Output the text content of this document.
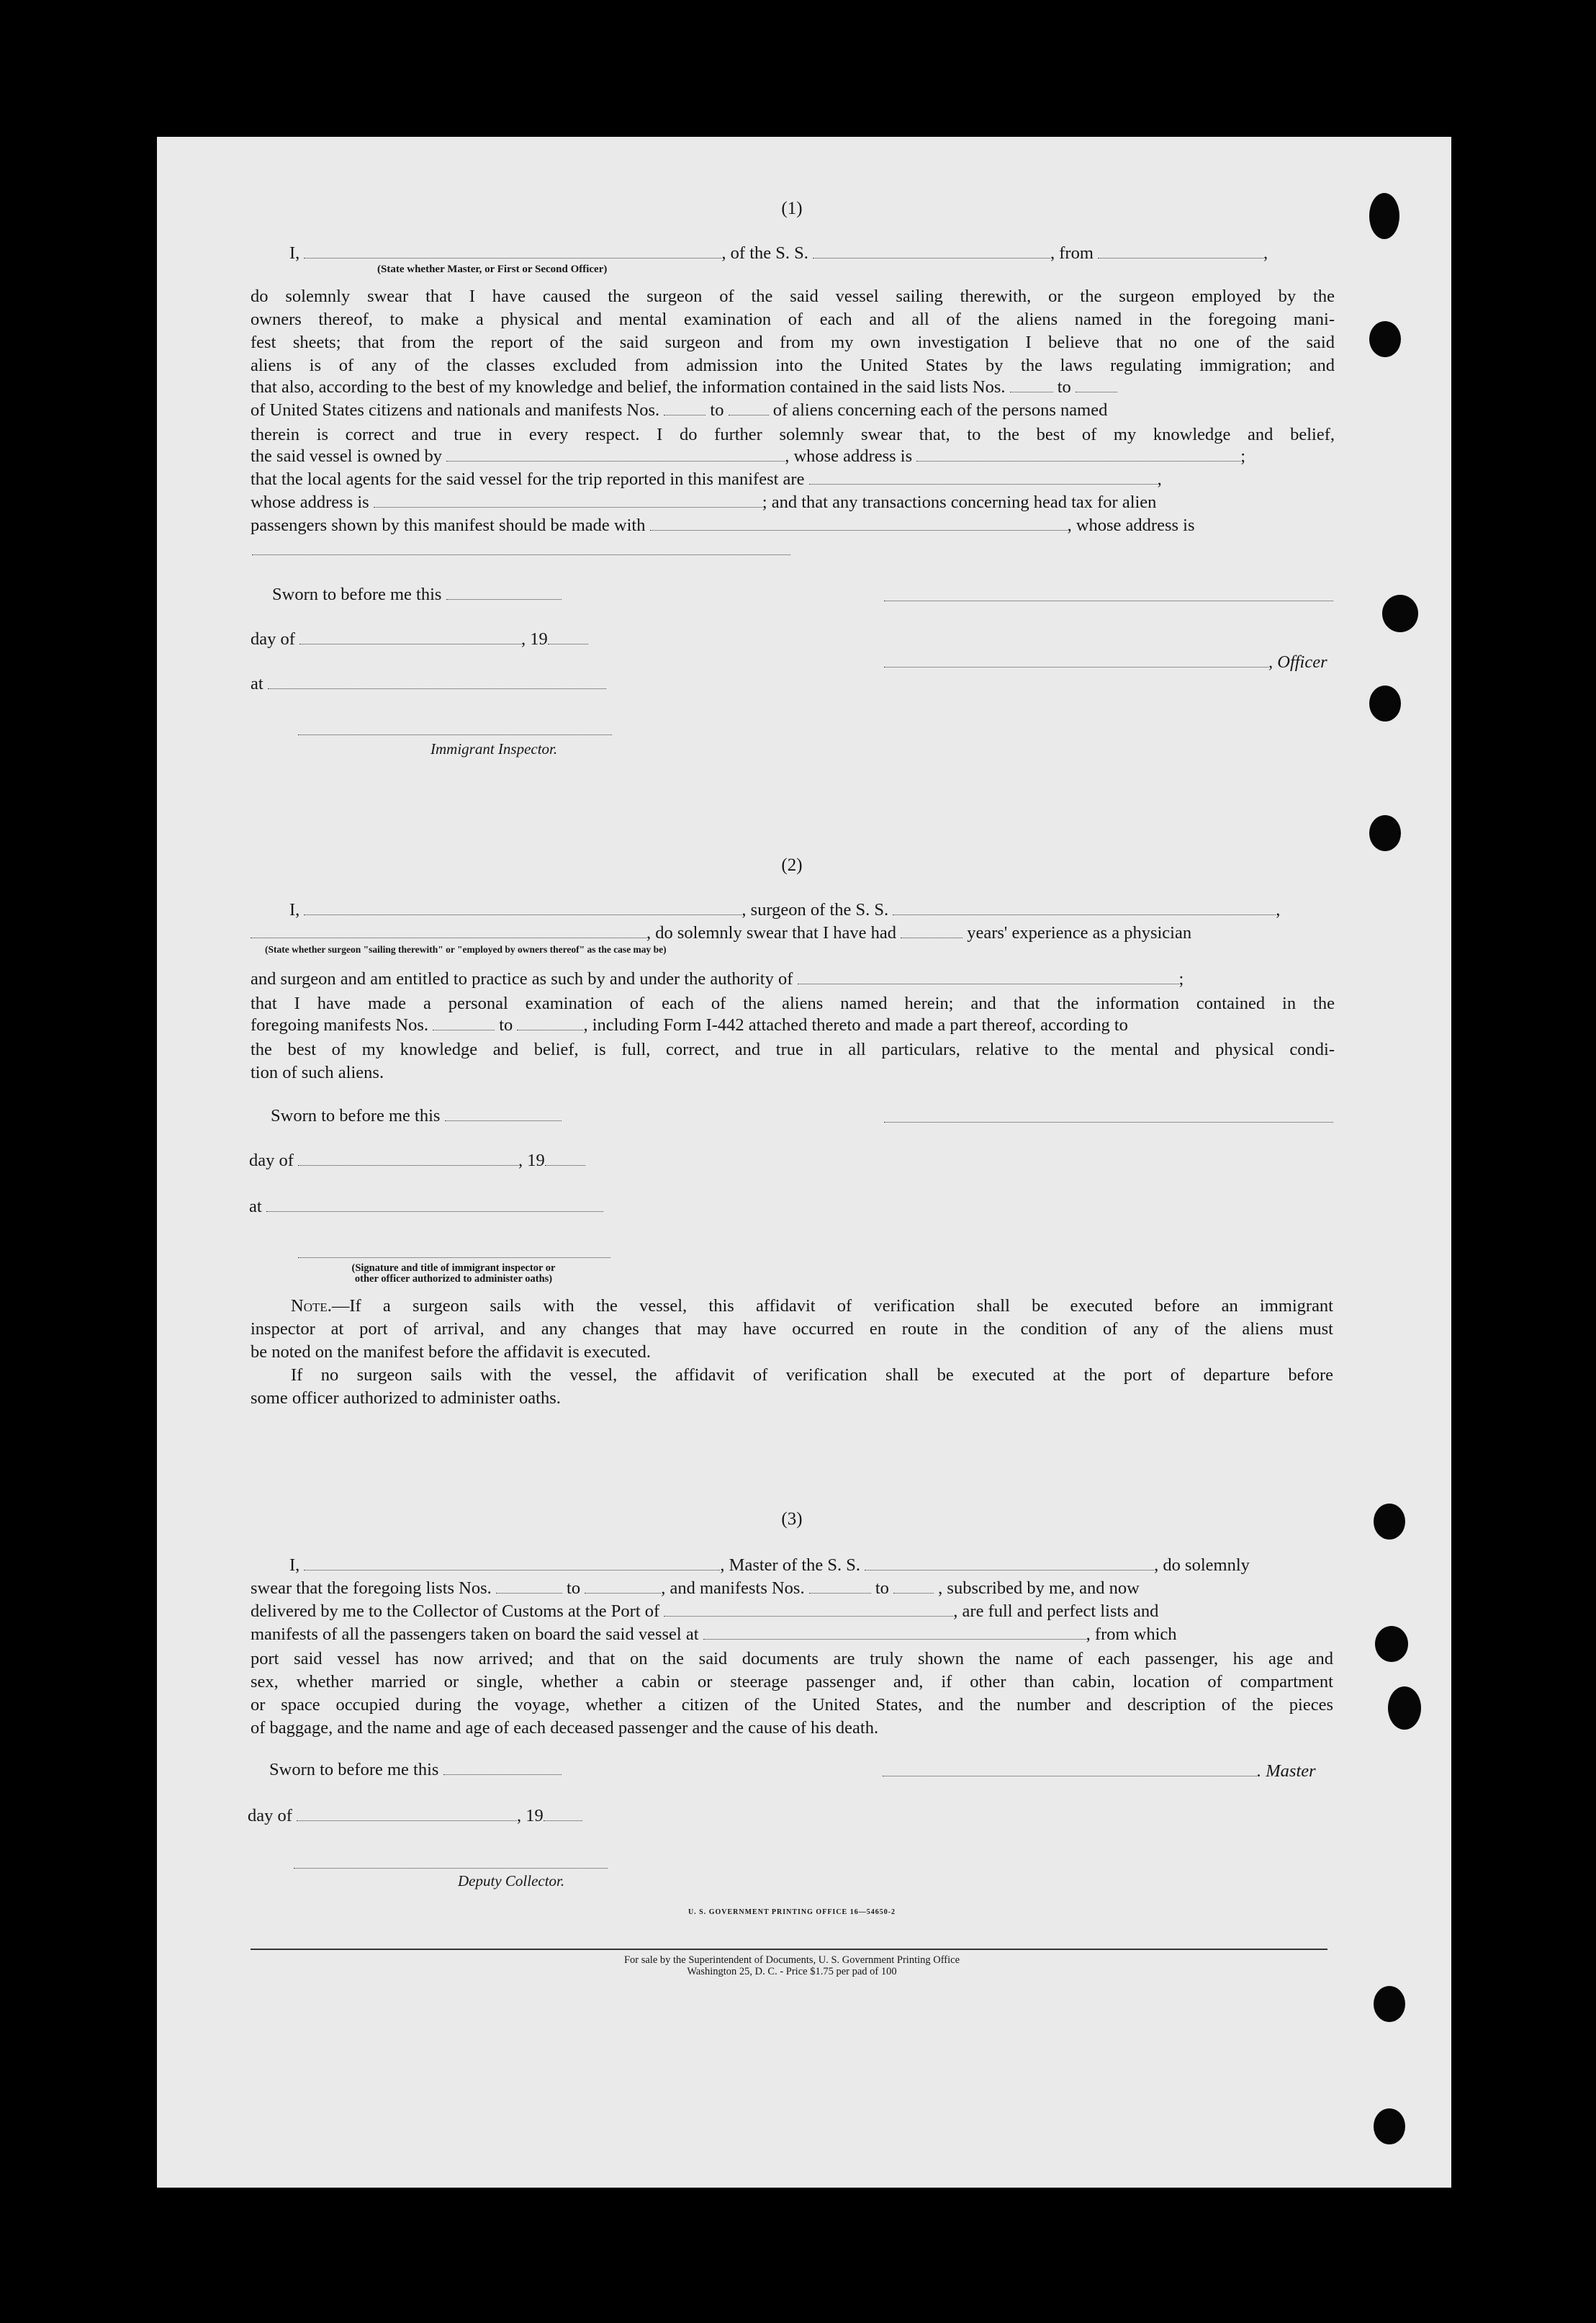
(1)
I,	, of the S. S.	, from	,
(State whether Master, or First or Second Officer)
do solemnly swear that I have caused the surgeon of the said vessel sailing therewith, or the surgeon employed by the
owners thereof, to make a physical and mental examination of each and all of the aliens named in the foregoing mani-
fest sheets; that from the report of the said surgeon and from my own investigation I believe that no one of the said
aliens is of any of the classes excluded from admission into the United States by the laws regulating immigration; and
that also, according to the best of my knowledge and belief, the information contained in the said lists Nos.	to
of United States citizens and nationals and manifests Nos.	to	of aliens concerning each of the persons named
therein is correct and true in every respect. I do further solemnly swear that, to the best of my knowledge and belief,
the said vessel is owned by	, whose address is	;
that the local agents for the said vessel for the trip reported in this manifest are	,
whose address is	; and that any transactions concerning head tax for alien
passengers shown by this manifest should be made with	, whose address is
Sworn to before me this
day of	, 19
, Officer
at
Immigrant Inspector.
(2)
I,	, surgeon of the S. S.	,
, do solemnly swear that I have had	years' experience as a physician
(State whether surgeon "sailing therewith" or "employed by owners thereof" as the case may be)
and surgeon and am entitled to practice as such by and under the authority of	;
that I have made a personal examination of each of the aliens named herein; and that the information contained in the
foregoing manifests Nos.	to	, including Form I-442 attached thereto and made a part thereof, according to
the best of my knowledge and belief, is full, correct, and true in all particulars, relative to the mental and physical condi-
tion of such aliens.
Sworn to before me this
day of	, 19
at
(Signature and title of immigrant inspector or
other officer authorized to administer oaths)
Note.—If a surgeon sails with the vessel, this affidavit of verification shall be executed before an immigrant
inspector at port of arrival, and any changes that may have occurred en route in the condition of any of the aliens must
be noted on the manifest before the affidavit is executed.
If no surgeon sails with the vessel, the affidavit of verification shall be executed at the port of departure before
some officer authorized to administer oaths.
(3)
I,	, Master of the S. S.	, do solemnly
swear that the foregoing lists Nos.	to	, and manifests Nos.	to	, subscribed by me, and now
delivered by me to the Collector of Customs at the Port of	, are full and perfect lists and
manifests of all the passengers taken on board the said vessel at	, from which
port said vessel has now arrived; and that on the said documents are truly shown the name of each passenger, his age and
sex, whether married or single, whether a cabin or steerage passenger and, if other than cabin, location of compartment
or space occupied during the voyage, whether a citizen of the United States, and the number and description of the pieces
of baggage, and the name and age of each deceased passenger and the cause of his death.
Sworn to before me this	. Master
day of	, 19
Deputy Collector.
U. S. GOVERNMENT PRINTING OFFICE 16—54650-2
For sale by the Superintendent of Documents, U. S. Government Printing Office
Washington 25, D. C. - Price $1.75 per pad of 100
